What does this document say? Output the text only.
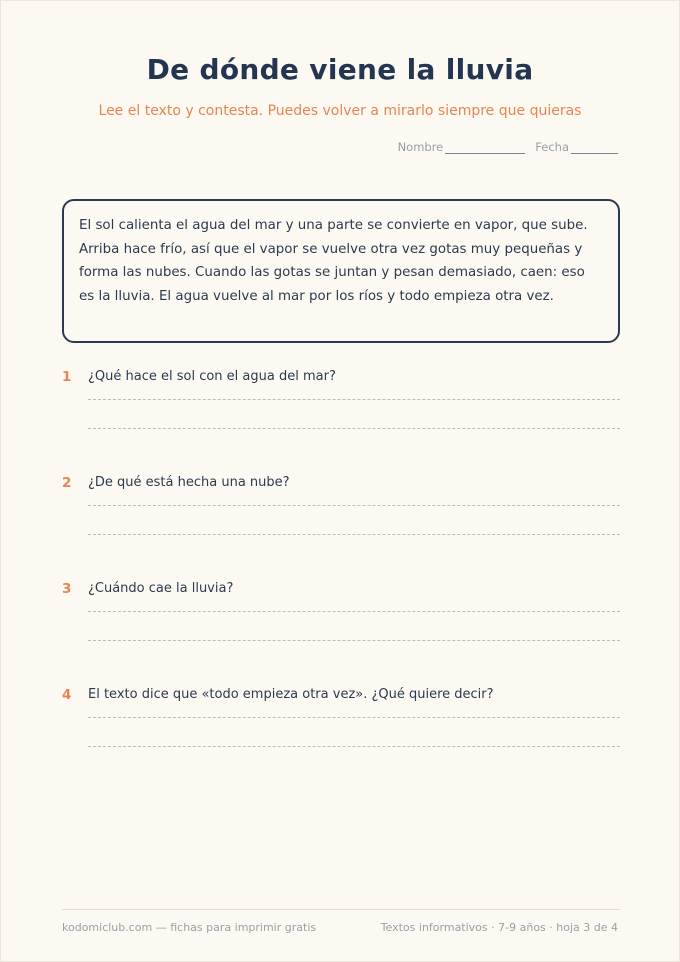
De dónde viene la lluvia
Lee el texto y contesta. Puedes volver a mirarlo siempre que quieras
Nombre	Fecha
El sol calienta el agua del mar y una parte se convierte en vapor, que sube. Arriba hace frío, así que el vapor se vuelve otra vez gotas muy pequeñas y forma las nubes. Cuando las gotas se juntan y pesan demasiado, caen: eso es la lluvia. El agua vuelve al mar por los ríos y todo empieza otra vez.
1 ¿Qué hace el sol con el agua del mar?
2 ¿De qué está hecha una nube?
3 ¿Cuándo cae la lluvia?
4 El texto dice que «todo empieza otra vez». ¿Qué quiere decir?
kodomiclub.com — fichas para imprimir gratis	Textos informativos · 7-9 años · hoja 3 de 4
